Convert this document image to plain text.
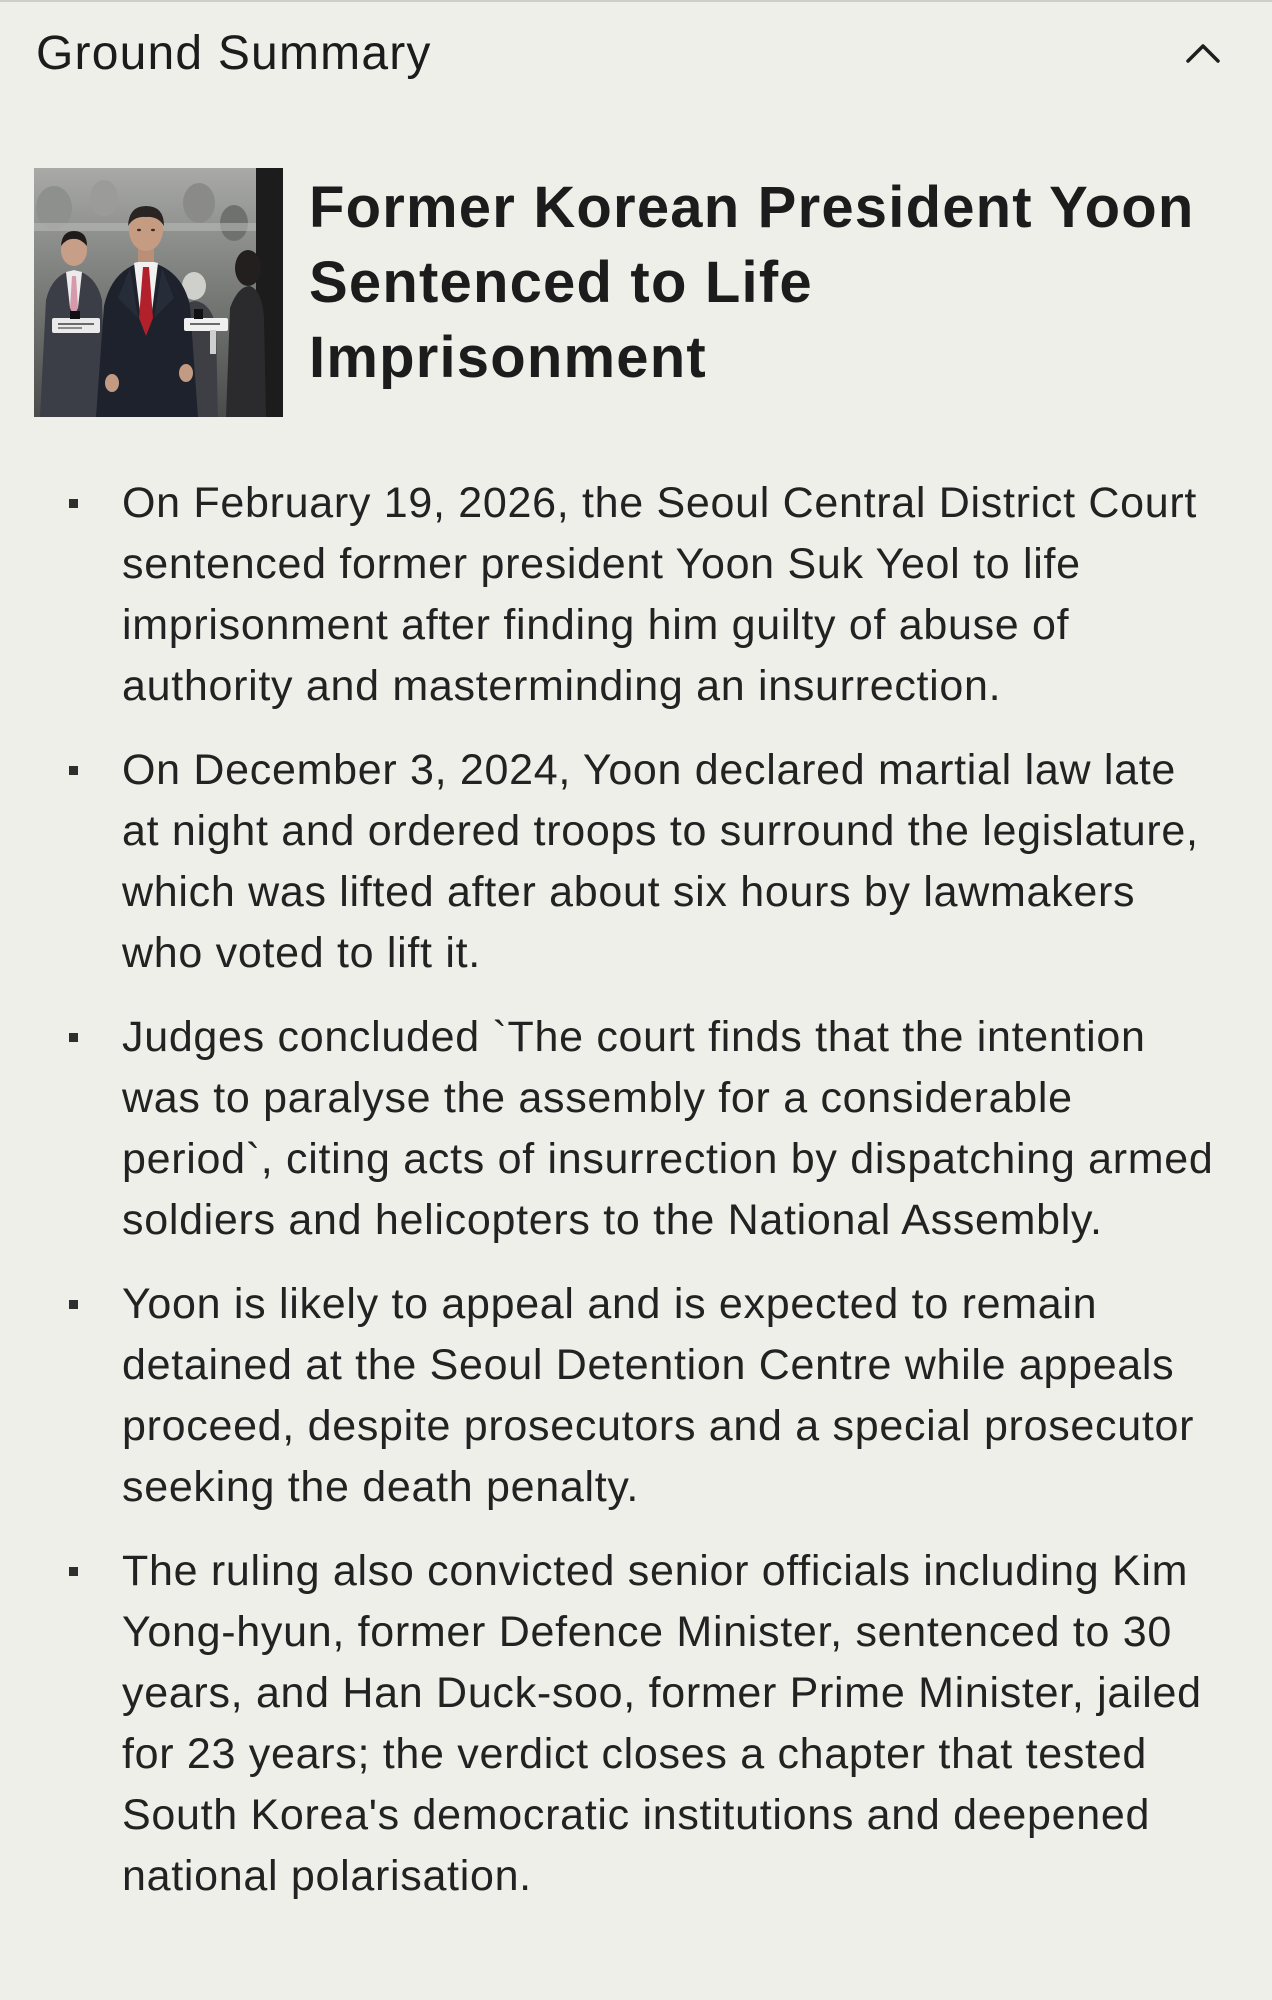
Ground Summary
Former Korean President Yoon Sentenced to Life Imprisonment
On February 19, 2026, the Seoul Central District Court sentenced former president Yoon Suk Yeol to life imprisonment after finding him guilty of abuse of authority and masterminding an insurrection.
On December 3, 2024, Yoon declared martial law late at night and ordered troops to surround the legislature, which was lifted after about six hours by lawmakers who voted to lift it.
Judges concluded `The court finds that the intention was to paralyse the assembly for a considerable period`, citing acts of insurrection by dispatching armed soldiers and helicopters to the National Assembly.
Yoon is likely to appeal and is expected to remain detained at the Seoul Detention Centre while appeals proceed, despite prosecutors and a special prosecutor seeking the death penalty.
The ruling also convicted senior officials including Kim Yong-hyun, former Defence Minister, sentenced to 30 years, and Han Duck-soo, former Prime Minister, jailed for 23 years; the verdict closes a chapter that tested South Korea's democratic institutions and deepened national polarisation.
